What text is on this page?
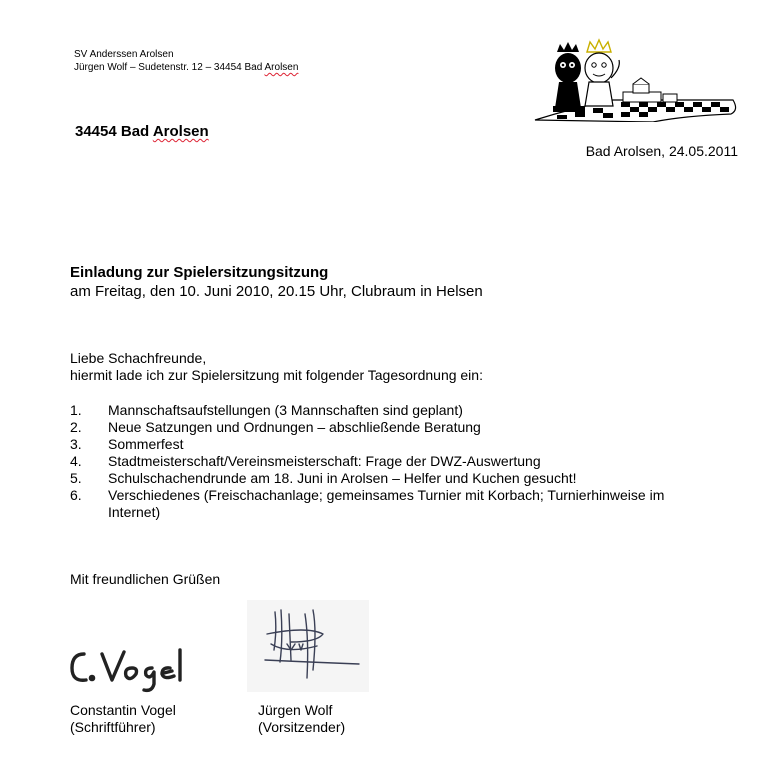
SV Anderssen Arolsen
Jürgen Wolf – Sudetenstr. 12 – 34454 Bad Arolsen
34454 Bad Arolsen
Bad Arolsen, 24.05.2011
Einladung zur Spielersitzungsitzung
am Freitag, den 10. Juni 2010, 20.15 Uhr, Clubraum in Helsen
Liebe Schachfreunde,
hiermit lade ich zur Spielersitzung mit folgender Tagesordnung ein:
1.	Mannschaftsaufstellungen (3 Mannschaften sind geplant)
2.	Neue Satzungen und Ordnungen – abschließende Beratung
3.	Sommerfest
4.	Stadtmeisterschaft/Vereinsmeisterschaft: Frage der DWZ-Auswertung
5.	Schulschachendrunde am 18. Juni in Arolsen – Helfer und Kuchen gesucht!
6.	Verschiedenes (Freischachanlage; gemeinsames Turnier mit Korbach; Turnierhinweise im Internet)
Mit freundlichen Grüßen
Constantin Vogel
(Schriftführer)
Jürgen Wolf
(Vorsitzender)
